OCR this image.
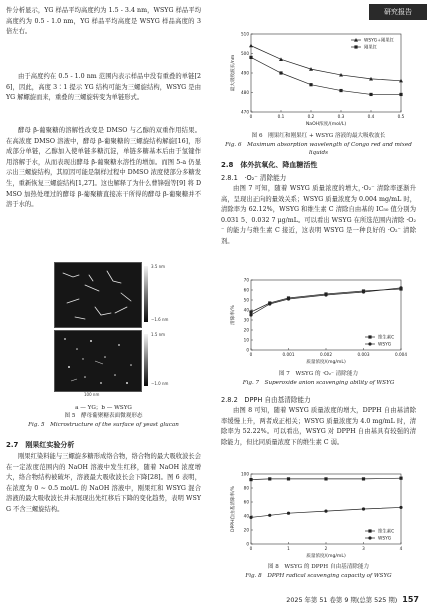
研究报告

件分析显示，YG 样品平均高度约为 1.5 - 3.4 nm，WSYG 样品平均高度约为 0.5 - 1.0 nm，YG 样品平均高度是 WSYG 样品高度的 3 倍左右。

由于高度约在 0.5 - 1.0 nm 范围内表示样品中没有重叠的单链[26]，因此，高度 3∶1 提示 YG 结构可能为三螺旋结构，WSYG 是由 YG 解螺旋而来，重叠的三螺旋转变为单链形式。

酵母 β-葡聚糖的溶解性改变是 DMSO 与乙醇的双重作用结果。在高浓度 DMSO 溶液中，酵母 β-葡聚糖的三螺旋结构解旋[16]，形成部分单链，乙醇加入使单链多糖沉淀，单链多糖基本后由于氢键作用溶解于水，从而表现出酵母 β-葡聚糖水溶性的增加。而图 5-a 仍显示出三螺旋结构，其原因可能是制样过程中 DMSO 浓度使部分多糖发生，重新恢复三螺旋结构[1,27]。这也解释了为什么曹锋强等[9] 将 DMSO 加热处理过的酵母 β-葡聚糖直接冻干所得的酵母 β-葡聚糖并不溶于水的。

3.5 nm
−1.6 nm
1.5 nm
−1.0 nm
100 nm
a — YG；b — WSYG
图 5　酵母葡聚糖表面微观形态
Fig. 5　Microstructure of the surface of yeast glucan

2.7　刚果红实验分析

刚果红染料能与三螺旋多糖形成络合物，络合物的最大吸收波长会在一定浓度范围内的 NaOH 溶液中发生红移，随着 NaOH 浓度增大，络合物结构被破坏，溶液最大吸收波长会下降[28]。图 6 表明，在浓度为 0 ~ 0.5 mol/L 的 NaOH 溶液中，刚果红和 WSYG 混合溶液的最大吸收波长并未展现出先红移后下降的变化趋势，表明 WSYG 不含三螺旋结构。

470
480
490
500
510
0	0.1	0.2	0.3	0.4	0.5
NaOH浓度/(mol/L)
最大吸收波长/nm
WSYG+刚果红
刚果红
图 6　刚果红和刚果红 + WSYG 溶液的最大吸收波长
Fig. 6　Maximum absorption wavelength of Congo red and mixed liquids

2.8　体外抗氧化、降血糖活性

2.8.1　·O₂⁻ 清除能力

由图 7 可知，随着 WSYG 质量浓度的增大，·O₂⁻ 清除率逐渐升高，呈现出正向的量效关系；WSYG 质量浓度为 0.004 mg/mL 时，清除率为 62.12%，WSYG 和维生素 C 清除自由基的 IC₅₀ 值分别为 0.031 5、0.032 7 μg/mL。可以看出 WSYG 在所选范围内清除 ·O₂⁻ 的能力与维生素 C 接近，这表明 WSYG 是一种良好的 ·O₂⁻ 清除剂。

0
10
20
30
40
50
60
70
0	0.001	0.002	0.003	0.004
质量浓度/(mg/mL)
清除率/%
维生素C
WSYG
图 7　WSYG 的 ·O₂⁻ 清除能力
Fig. 7　Superoxide anion scavenging ability of WSYG

2.8.2　DPPH 自由基清除能力

由图 8 可知，随着 WSYG 质量浓度的增大，DPPH 自由基清除率缓慢上升，两者成正相关；WSYG 质量浓度为 4.0 mg/mL 时，清除率为 52.22%。可以看出，WSYG 对 DPPH 自由基具有较强的清除能力，但比同质量浓度下的维生素 C 弱。

0
20
40
60
80
100
0	1	2	3	4
质量浓度/(mg/mL)
DPPH自由基清除率/%
维生素C
WSYG
图 8　WSYG 的 DPPH 自由基清除能力
Fig. 8　DPPH radical scavenging capacity of WSYG
2025 年第 51 卷第 9 期(总第 525 期) 157
